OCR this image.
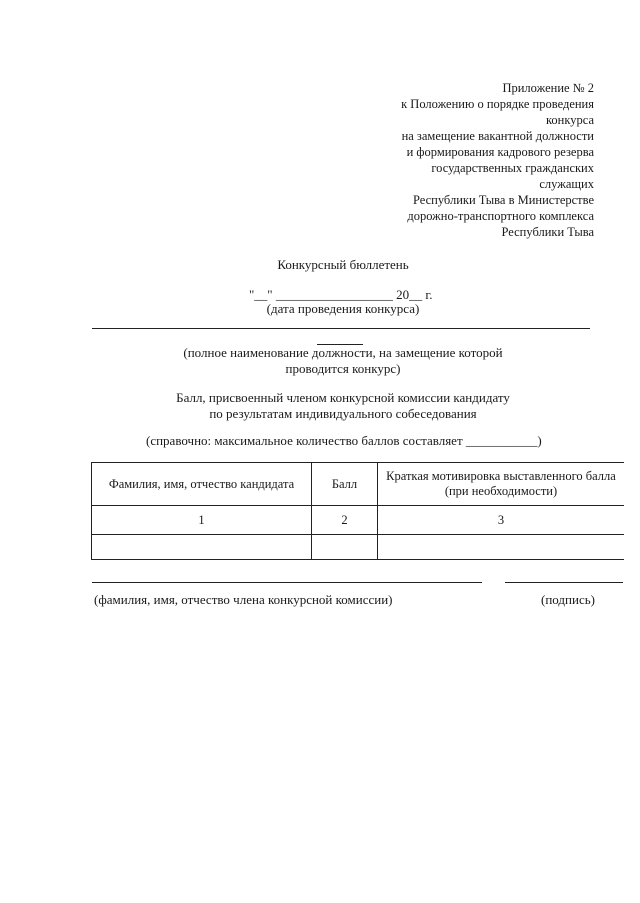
Приложение № 2
к Положению о порядке проведения
конкурса
на замещение вакантной должности
и формирования кадрового резерва
государственных гражданских
служащих
Республики Тыва в Министерстве
дорожно-транспортного комплекса
Республики Тыва
Конкурсный бюллетень
"__" __________________ 20__ г.
(дата проведения конкурса)
(полное наименование должности, на замещение которой
проводится конкурс)
Балл, присвоенный членом конкурсной комиссии кандидату
по результатам индивидуального собеседования
(справочно: максимальное количество баллов составляет ___________)
Фамилия, имя, отчество кандидата	Балл	Краткая мотивировка выставленного балла (при необходимости)
1	2	3

(фамилия, имя, отчество члена конкурсной комиссии)	(подпись)
